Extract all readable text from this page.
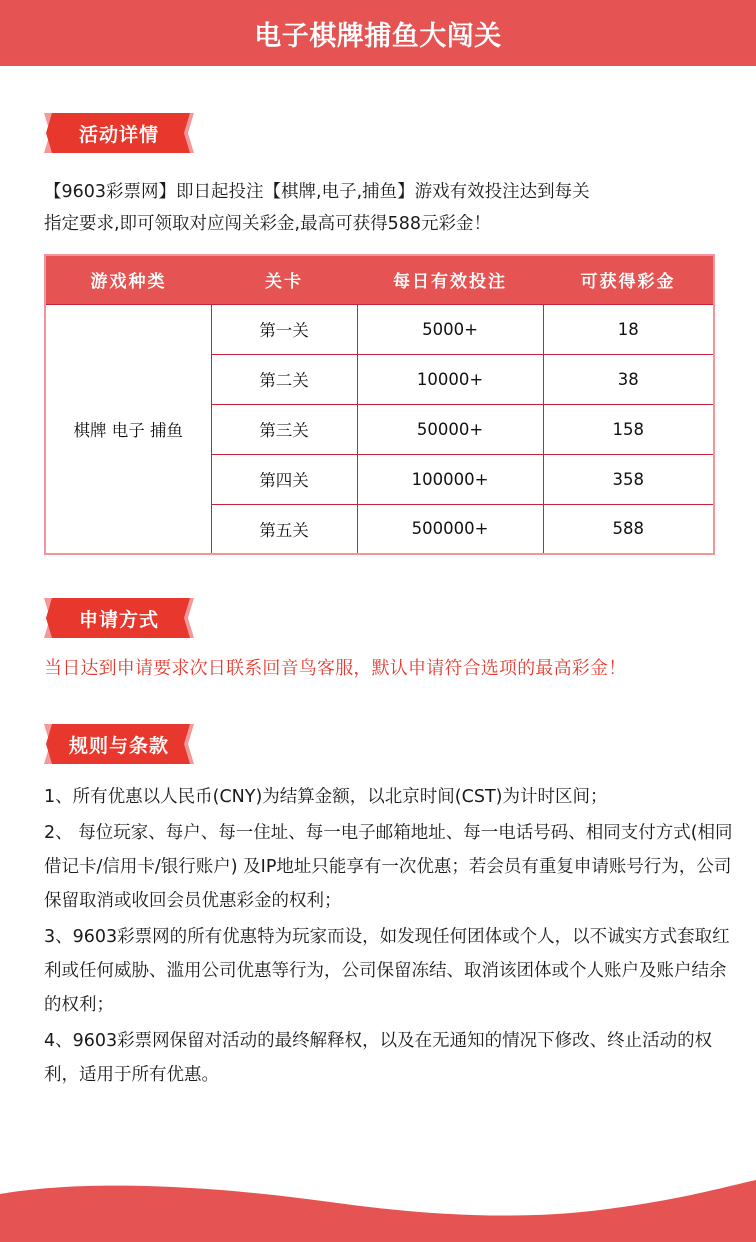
电子棋牌捕鱼大闯关
活动详情
【9603彩票网】即日起投注【棋牌,电子,捕鱼】游戏有效投注达到每关
指定要求,即可领取对应闯关彩金,最高可获得588元彩金！
游戏种类	关卡	每日有效投注	可获得彩金
棋牌 电子 捕鱼	第一关	5000+	18
	第二关	10000+	38
	第三关	50000+	158
	第四关	100000+	358
	第五关	500000+	588
申请方式
当日达到申请要求次日联系回音鸟客服，默认申请符合选项的最高彩金！
规则与条款

1、所有优惠以人民币(CNY)为结算金额，以北京时间(CST)为计时区间；

2、 每位玩家、每户、每一住址、每一电子邮箱地址、每一电话号码、相同支付方式(相同借记卡/信用卡/银行账户) 及IP地址只能享有一次优惠；若会员有重复申请账号行为，公司保留取消或收回会员优惠彩金的权利；

3、9603彩票网的所有优惠特为玩家而设，如发现任何团体或个人，以不诚实方式套取红利或任何威胁、滥用公司优惠等行为，公司保留冻结、取消该团体或个人账户及账户结余的权利；

4、9603彩票网保留对活动的最终解释权，以及在无通知的情况下修改、终止活动的权利，适用于所有优惠。
